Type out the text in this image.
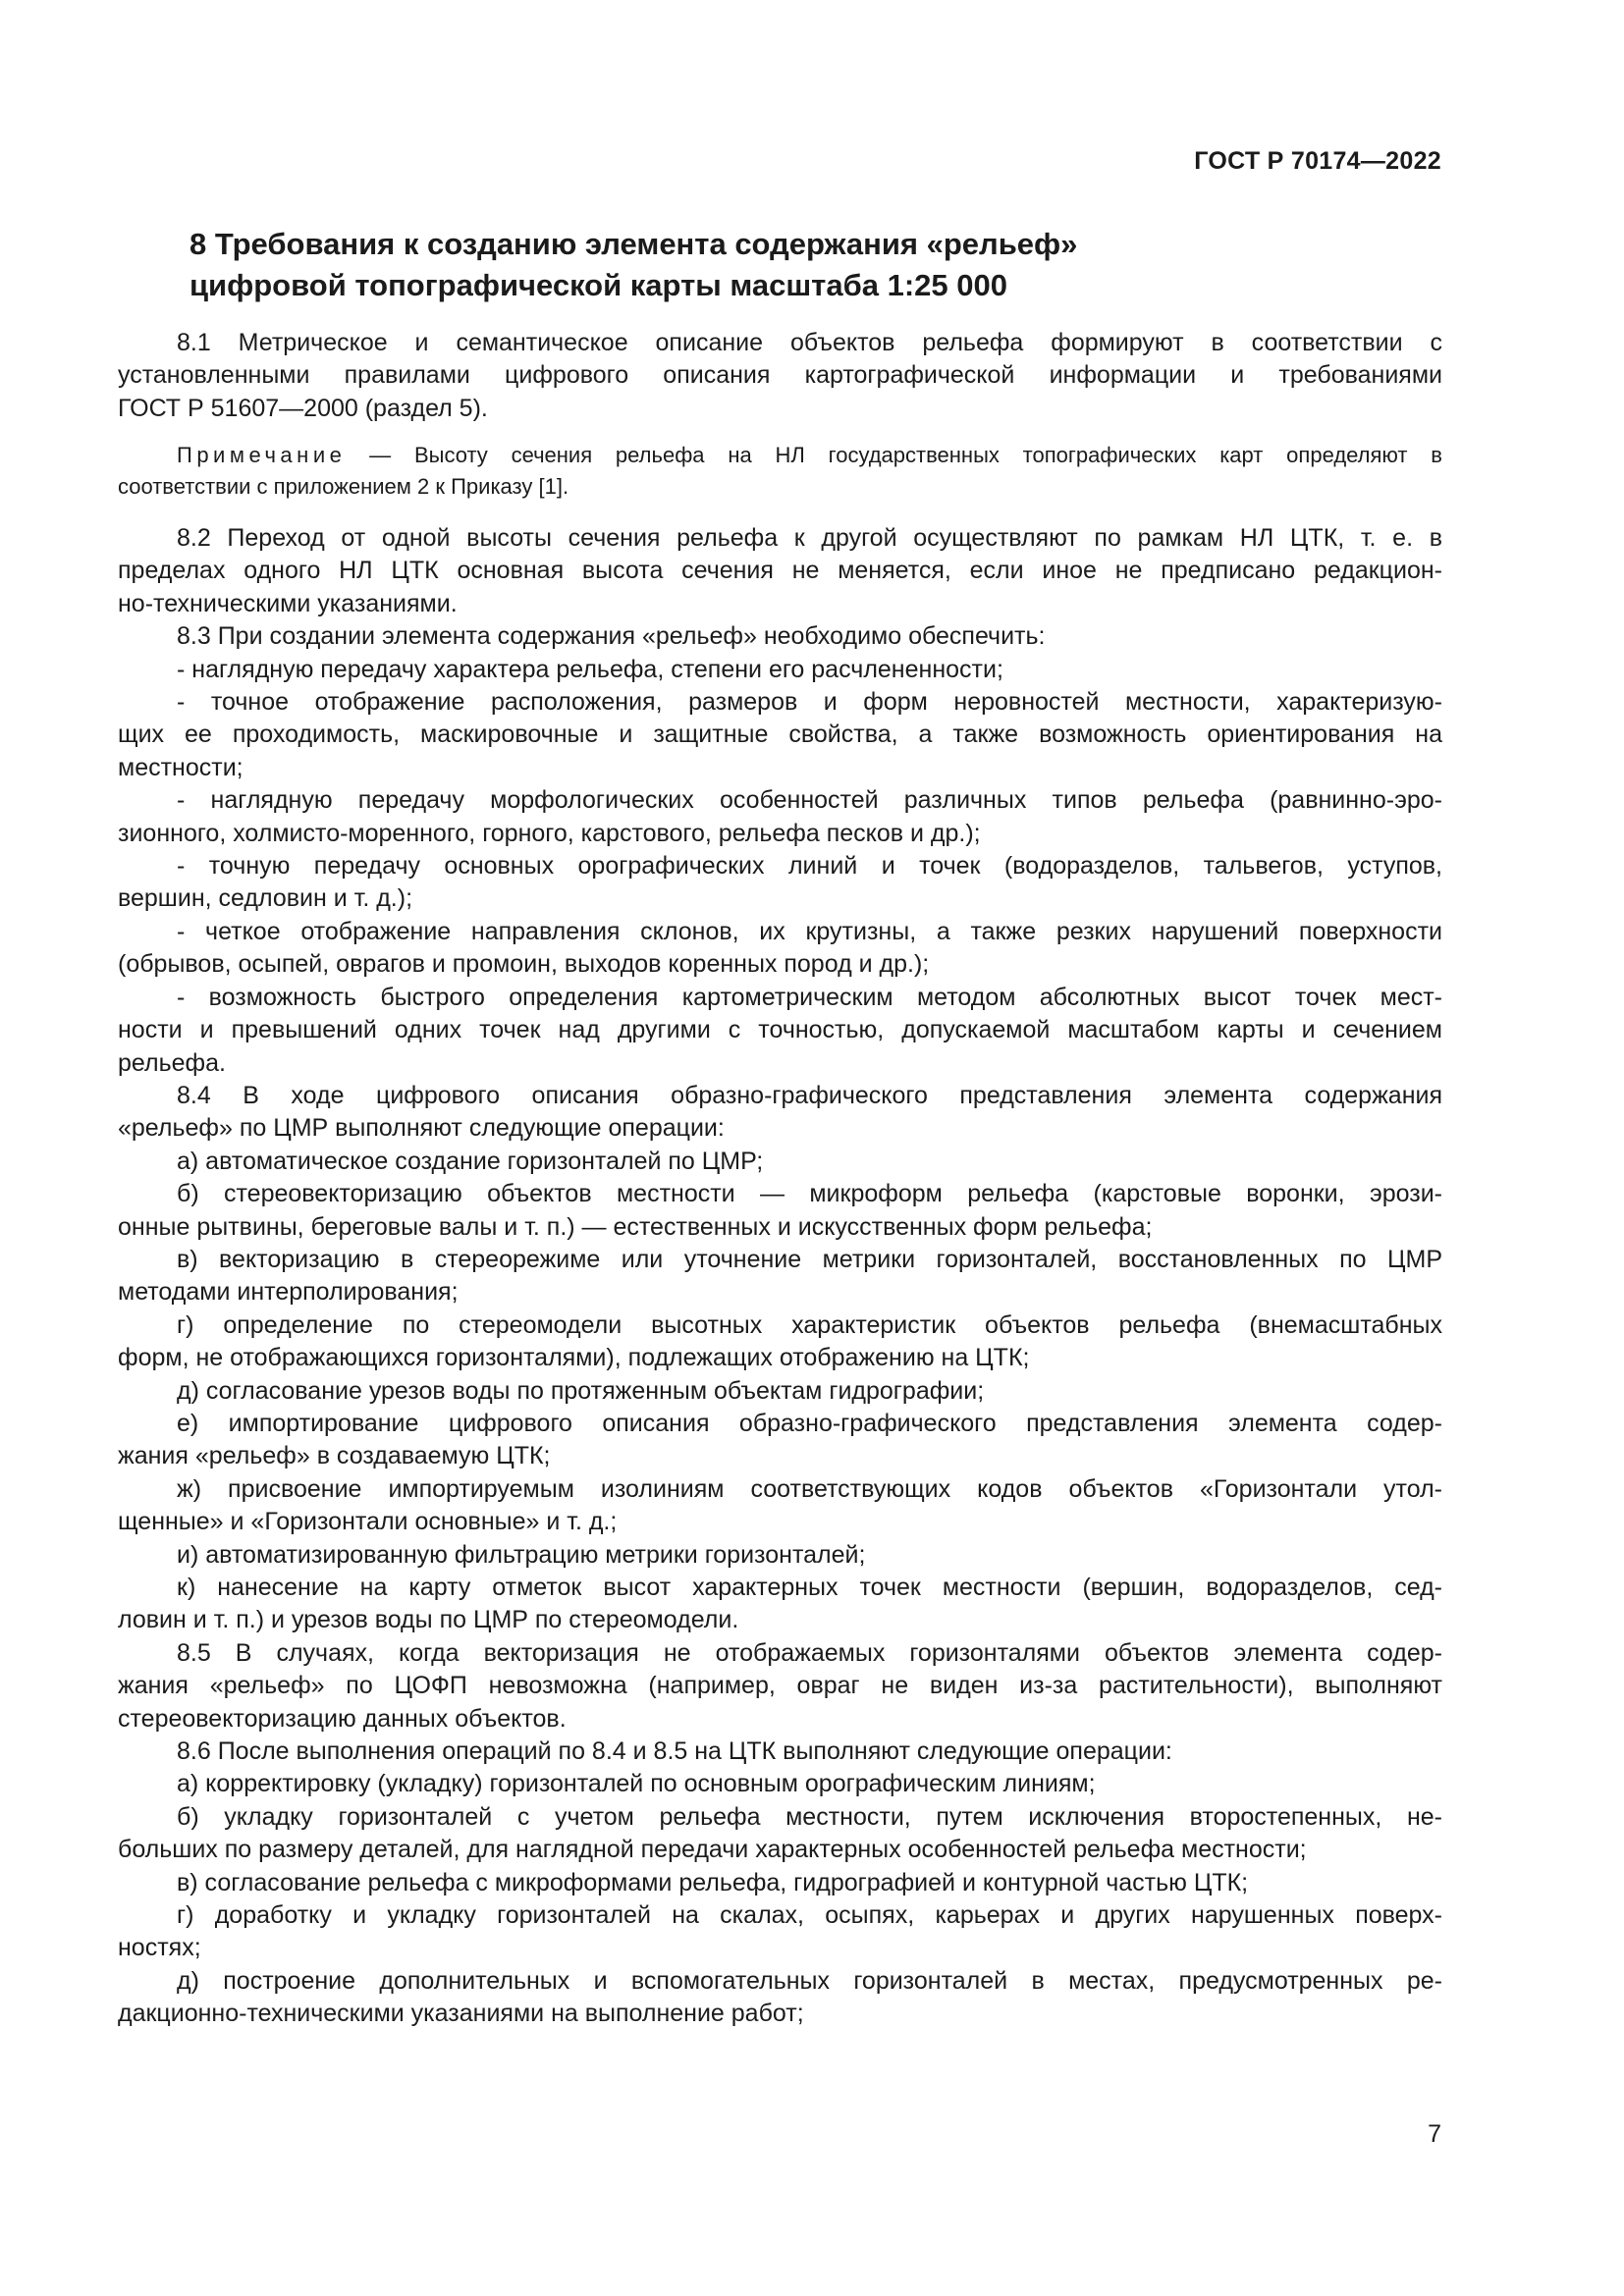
ГОСТ Р 70174—2022
8 Требования к созданию элемента содержания «рельеф»
цифровой топографической карты масштаба 1:25 000
8.1 Метрическое и семантическое описание объектов рельефа формируют в соответствии с
установленными правилами цифрового описания картографической информации и требованиями
ГОСТ Р 51607—2000 (раздел 5).
Примечание — Высоту сечения рельефа на НЛ государственных топографических карт определяют в
соответствии с приложением 2 к Приказу [1].
8.2 Переход от одной высоты сечения рельефа к другой осуществляют по рамкам НЛ ЦТК, т. е. в
пределах одного НЛ ЦТК основная высота сечения не меняется, если иное не предписано редакцион-
но-техническими указаниями.
8.3 При создании элемента содержания «рельеф» необходимо обеспечить:
- наглядную передачу характера рельефа, степени его расчлененности;
- точное отображение расположения, размеров и форм неровностей местности, характеризую-
щих ее проходимость, маскировочные и защитные свойства, а также возможность ориентирования на
местности;
- наглядную передачу морфологических особенностей различных типов рельефа (равнинно-эро-
зионного, холмисто-моренного, горного, карстового, рельефа песков и др.);
- точную передачу основных орографических линий и точек (водоразделов, тальвегов, уступов,
вершин, седловин и т. д.);
- четкое отображение направления склонов, их крутизны, а также резких нарушений поверхности
(обрывов, осыпей, оврагов и промоин, выходов коренных пород и др.);
- возможность быстрого определения картометрическим методом абсолютных высот точек мест-
ности и превышений одних точек над другими с точностью, допускаемой масштабом карты и сечением
рельефа.
8.4 В ходе цифрового описания образно-графического представления элемента содержания
«рельеф» по ЦМР выполняют следующие операции:
а) автоматическое создание горизонталей по ЦМР;
б) стереовекторизацию объектов местности — микроформ рельефа (карстовые воронки, эрози-
онные рытвины, береговые валы и т. п.) — естественных и искусственных форм рельефа;
в) векторизацию в стереорежиме или уточнение метрики горизонталей, восстановленных по ЦМР
методами интерполирования;
г) определение по стереомодели высотных характеристик объектов рельефа (внемасштабных
форм, не отображающихся горизонталями), подлежащих отображению на ЦТК;
д) согласование урезов воды по протяженным объектам гидрографии;
е) импортирование цифрового описания образно-графического представления элемента содер-
жания «рельеф» в создаваемую ЦТК;
ж) присвоение импортируемым изолиниям соответствующих кодов объектов «Горизонтали утол-
щенные» и «Горизонтали основные» и т. д.;
и) автоматизированную фильтрацию метрики горизонталей;
к) нанесение на карту отметок высот характерных точек местности (вершин, водоразделов, сед-
ловин и т. п.) и урезов воды по ЦМР по стереомодели.
8.5 В случаях, когда векторизация не отображаемых горизонталями объектов элемента содер-
жания «рельеф» по ЦОФП невозможна (например, овраг не виден из-за растительности), выполняют
стереовекторизацию данных объектов.
8.6 После выполнения операций по 8.4 и 8.5 на ЦТК выполняют следующие операции:
а) корректировку (укладку) горизонталей по основным орографическим линиям;
б) укладку горизонталей с учетом рельефа местности, путем исключения второстепенных, не-
больших по размеру деталей, для наглядной передачи характерных особенностей рельефа местности;
в) согласование рельефа с микроформами рельефа, гидрографией и контурной частью ЦТК;
г) доработку и укладку горизонталей на скалах, осыпях, карьерах и других нарушенных поверх-
ностях;
д) построение дополнительных и вспомогательных горизонталей в местах, предусмотренных ре-
дакционно-техническими указаниями на выполнение работ;
7
